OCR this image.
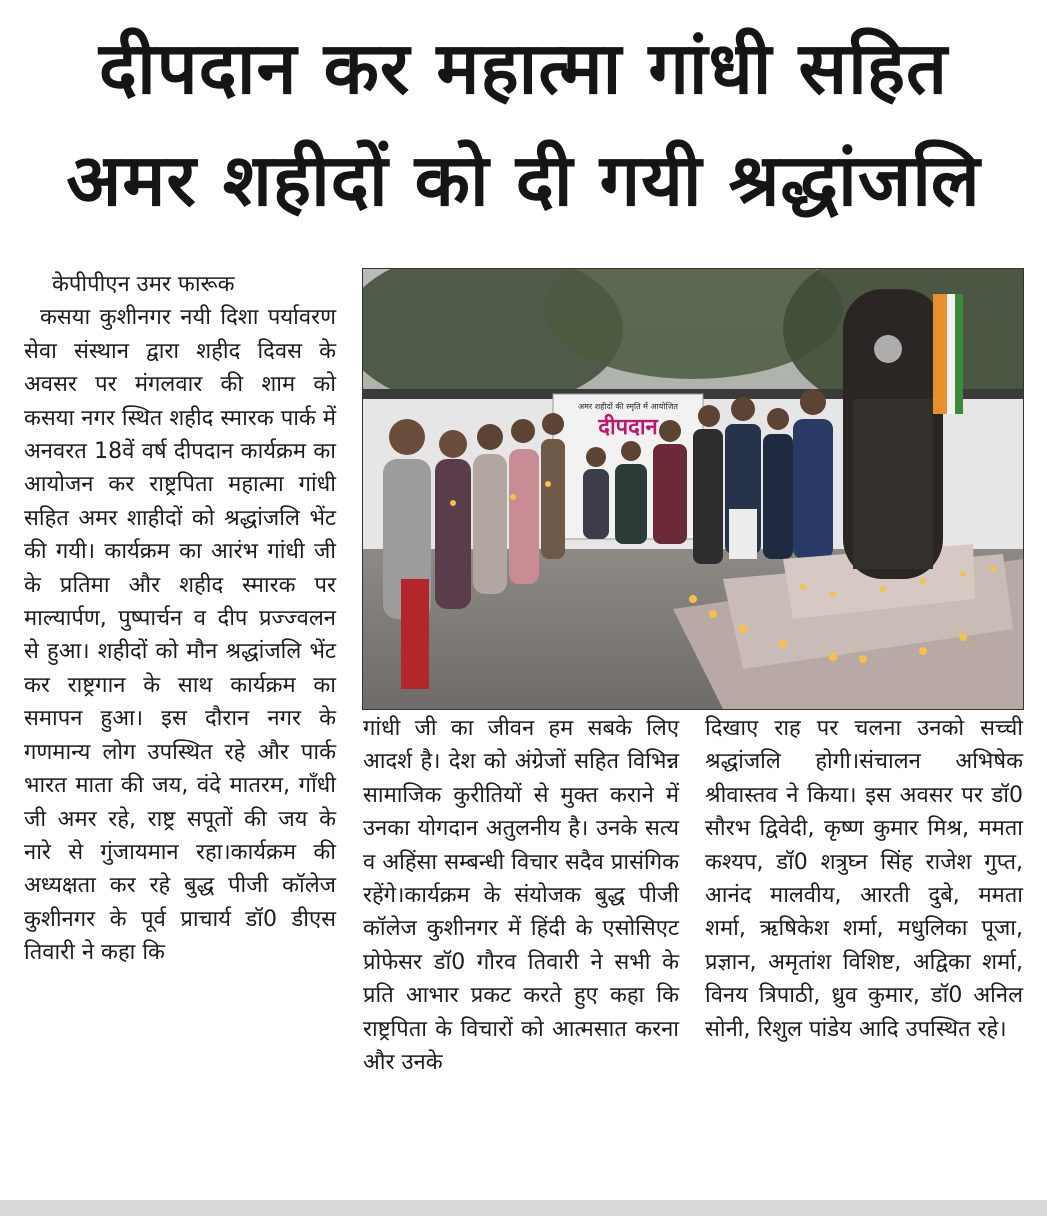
दीपदान कर महात्मा गांधी सहित
अमर शहीदों को दी गयी श्रद्धांजलि

केपीपीएन उमर फारूक

कसया कुशीनगर नयी दिशा पर्यावरण सेवा संस्थान द्वारा शहीद दिवस के अवसर पर मंगलवार की शाम को कसया नगर स्थित शहीद स्मारक पार्क में अनवरत 18वें वर्ष दीपदान कार्यक्रम का आयोजन कर राष्ट्रपिता महात्मा गांधी सहित अमर शाहीदों को श्रद्धांजलि भेंट की गयी। कार्यक्रम का आरंभ गांधी जी के प्रतिमा और शहीद स्मारक पर माल्यार्पण, पुष्पार्चन व दीप प्रज्ज्वलन से हुआ। शहीदों को मौन श्रद्धांजलि भेंट कर राष्ट्रगान के साथ कार्यक्रम का समापन हुआ। इस दौरान नगर के गणमान्य लोग उपस्थित रहे और पार्क भारत माता की जय, वंदे मातरम, गाँधी जी अमर रहे, राष्ट्र सपूतों की जय के नारे से गुंजायमान रहा।कार्यक्रम की अध्यक्षता कर रहे बुद्ध पीजी कॉलेज कुशीनगर के पूर्व प्राचार्य डॉ0 डीएस तिवारी ने कहा कि

अमर शहीदों की स्मृति में आयोजित
दीपदान

गांधी जी का जीवन हम सबके लिए आदर्श है। देश को अंग्रेजों सहित विभिन्न सामाजिक कुरीतियों से मुक्त कराने में उनका योगदान अतुलनीय है। उनके सत्य व अहिंसा सम्बन्धी विचार सदैव प्रासंगिक रहेंगे।कार्यक्रम के संयोजक बुद्ध पीजी कॉलेज कुशीनगर में हिंदी के एसोसिएट प्रोफेसर डॉ0 गौरव तिवारी ने सभी के प्रति आभार प्रकट करते हुए कहा कि राष्ट्रपिता के विचारों को आत्मसात करना और उनके

दिखाए राह पर चलना उनको सच्ची श्रद्धांजलि होगी।संचालन अभिषेक श्रीवास्तव ने किया। इस अवसर पर डॉ0 सौरभ द्विवेदी, कृष्ण कुमार मिश्र, ममता कश्यप, डॉ0 शत्रुघ्न सिंह राजेश गुप्त, आनंद मालवीय, आरती दुबे, ममता शर्मा, ऋषिकेश शर्मा, मधुलिका पूजा, प्रज्ञान, अमृतांश विशिष्ट, अद्विका शर्मा, विनय त्रिपाठी, ध्रुव कुमार, डॉ0 अनिल सोनी, रिशुल पांडेय आदि उपस्थित रहे।
